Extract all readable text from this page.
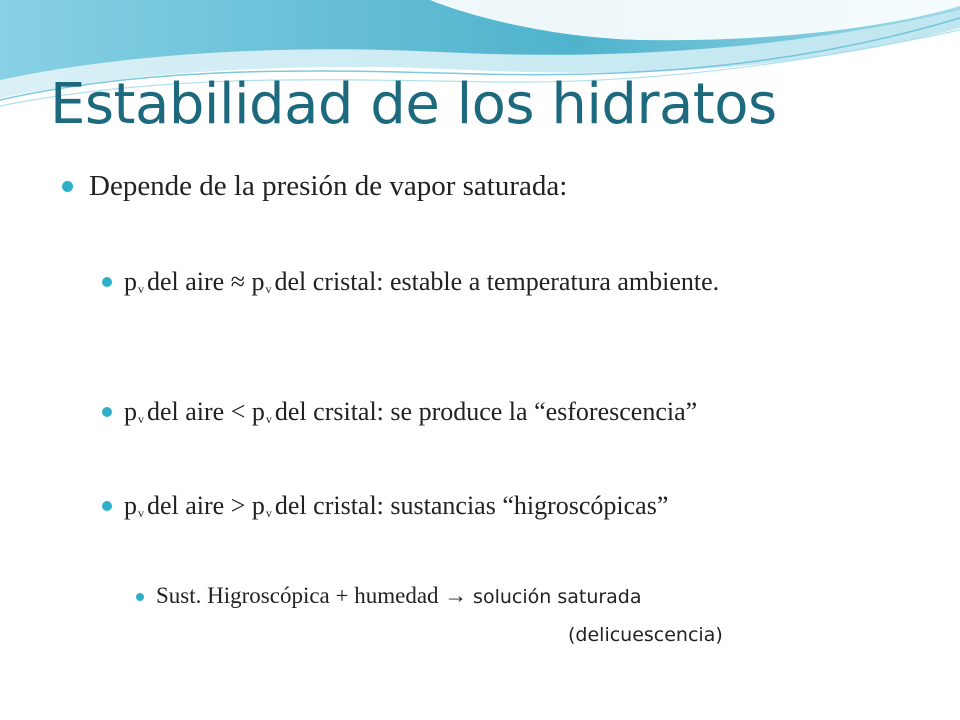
Estabilidad de los hidratos
Depende de la presión de vapor saturada:
pv del aire ≈ pv del cristal: estable a temperatura ambiente.
pv del aire < pv del crsital: se produce la “esforescencia”
pv del aire > pv del cristal: sustancias “higroscópicas”
Sust. Higroscópica + humedad → solución saturada
(delicuescencia)
